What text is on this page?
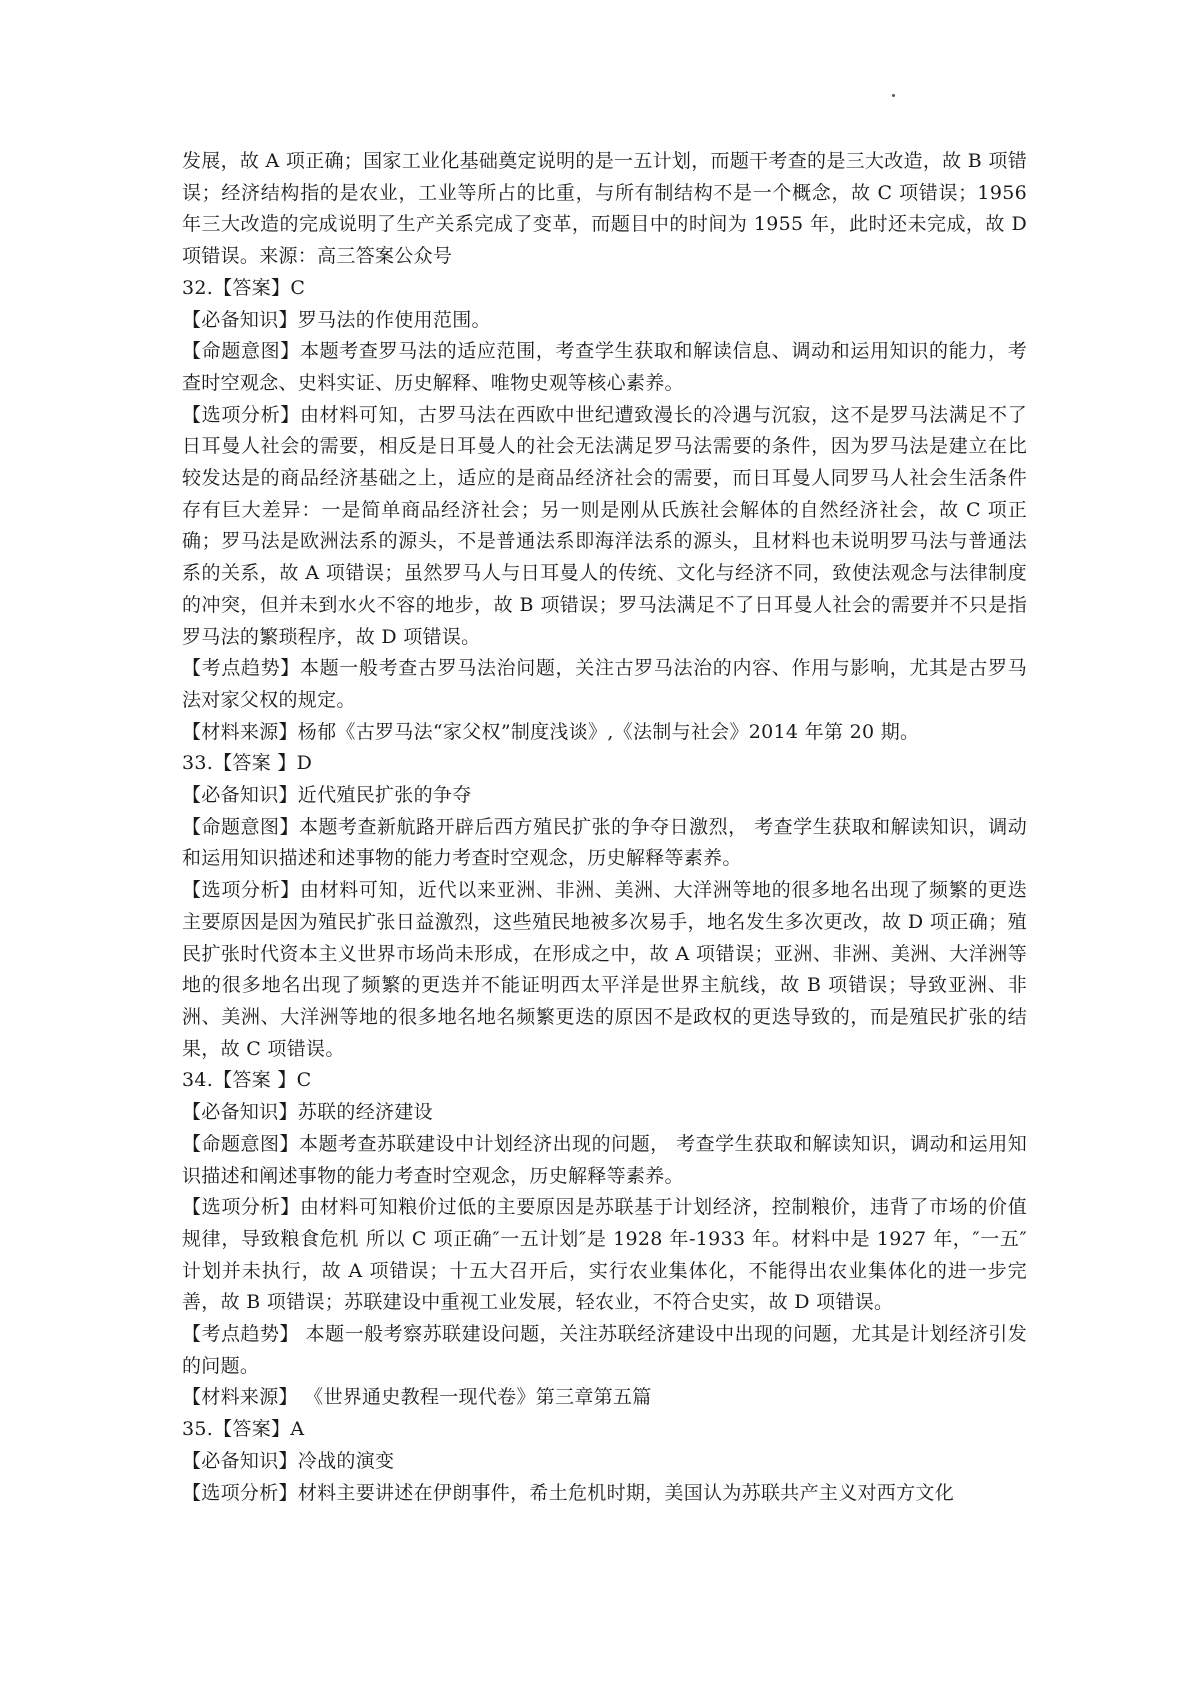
发展，故 A 项正确；国家工业化基础奠定说明的是一五计划，而题干考查的是三大改造，故 B 项错误；经济结构指的是农业，工业等所占的比重，与所有制结构不是一个概念，故 C 项错误；1956 年三大改造的完成说明了生产关系完成了变革，而题目中的时间为 1955 年，此时还未完成，故 D 项错误。来源：高三答案公众号

32.【答案】C

【必备知识】罗马法的作使用范围。

【命题意图】本题考查罗马法的适应范围，考查学生获取和解读信息、调动和运用知识的能力，考查时空观念、史料实证、历史解释、唯物史观等核心素养。

【选项分析】由材料可知，古罗马法在西欧中世纪遭致漫长的冷遇与沉寂，这不是罗马法满足不了日耳曼人社会的需要，相反是日耳曼人的社会无法满足罗马法需要的条件，因为罗马法是建立在比较发达是的商品经济基础之上，适应的是商品经济社会的需要，而日耳曼人同罗马人社会生活条件存有巨大差异：一是简单商品经济社会；另一则是刚从氏族社会解体的自然经济社会，故 C 项正确；罗马法是欧洲法系的源头，不是普通法系即海洋法系的源头，且材料也未说明罗马法与普通法系的关系，故 A 项错误；虽然罗马人与日耳曼人的传统、文化与经济不同，致使法观念与法律制度的冲突，但并未到水火不容的地步，故 B 项错误；罗马法满足不了日耳曼人社会的需要并不只是指罗马法的繁琐程序，故 D 项错误。

【考点趋势】本题一般考查古罗马法治问题，关注古罗马法治的内容、作用与影响，尤其是古罗马法对家父权的规定。

【材料来源】杨郁《古罗马法“家父权”制度浅谈》,《法制与社会》2014 年第 20 期。

33.【答案 】D

【必备知识】近代殖民扩张的争夺

【命题意图】本题考查新航路开辟后西方殖民扩张的争夺日激烈， 考查学生获取和解读知识，调动和运用知识描述和述事物的能力考查时空观念，历史解释等素养。

【选项分析】由材料可知，近代以来亚洲、非洲、美洲、大洋洲等地的很多地名出现了频繁的更迭主要原因是因为殖民扩张日益激烈，这些殖民地被多次易手，地名发生多次更改，故 D 项正确；殖民扩张时代资本主义世界市场尚未形成，在形成之中，故 A 项错误；亚洲、非洲、美洲、大洋洲等地的很多地名出现了频繁的更迭并不能证明西太平洋是世界主航线，故 B 项错误；导致亚洲、非洲、美洲、大洋洲等地的很多地名地名频繁更迭的原因不是政权的更迭导致的，而是殖民扩张的结果，故 C 项错误。

34.【答案 】C

【必备知识】苏联的经济建设

【命题意图】本题考查苏联建设中计划经济出现的问题， 考查学生获取和解读知识，调动和运用知识描述和阐述事物的能力考查时空观念，历史解释等素养。

【选项分析】由材料可知粮价过低的主要原因是苏联基于计划经济，控制粮价，违背了市场的价值规律，导致粮食危机 所以 C 项正确″一五计划″是 1928 年-1933 年。材料中是 1927 年，″一五″计划并未执行，故 A 项错误；十五大召开后，实行农业集体化，不能得出农业集体化的进一步完善，故 B 项错误；苏联建设中重视工业发展，轻农业，不符合史实，故 D 项错误。

【考点趋势】 本题一般考察苏联建设问题，关注苏联经济建设中出现的问题，尤其是计划经济引发的问题。

【材料来源】 《世界通史教程一现代卷》第三章第五篇

35.【答案】A

【必备知识】冷战的演变

【选项分析】材料主要讲述在伊朗事件，希土危机时期，美国认为苏联共产主义对西方文化
